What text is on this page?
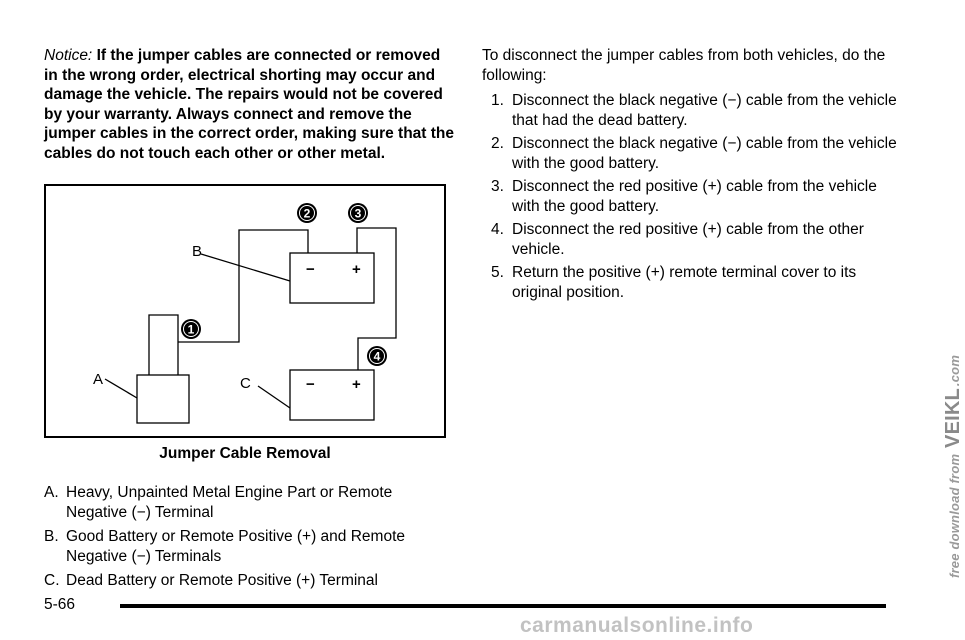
Notice: If the jumper cables are connected or removed in the wrong order, electrical shorting may occur and damage the vehicle. The repairs would not be covered by your warranty. Always connect and remove the jumper cables in the correct order, making sure that the cables do not touch each other or other metal.

− +
− +
B
A	C
2	3
1
4

Jumper Cable Removal

A. Heavy, Unpainted Metal Engine Part or Remote Negative (−) Terminal
B. Good Battery or Remote Positive (+) and Remote Negative (−) Terminals
C. Dead Battery or Remote Positive (+) Terminal

To disconnect the jumper cables from both vehicles, do the following:

1. Disconnect the black negative (−) cable from the vehicle that had the dead battery.
2. Disconnect the black negative (−) cable from the vehicle with the good battery.
3. Disconnect the red positive (+) cable from the vehicle with the good battery.
4. Disconnect the red positive (+) cable from the other vehicle.
5. Return the positive (+) remote terminal cover to its original position.

5-66

free download from VEIKL.com
carmanualsonline.info
